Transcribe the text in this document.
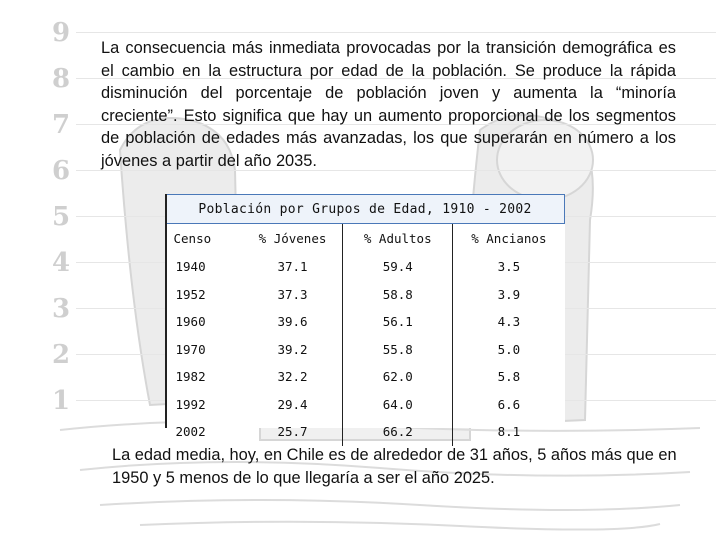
9
8
7
6
5
4
3
2
1

La consecuencia más inmediata provocadas por la transición demográfica es el cambio en la estructura por edad de la población. Se produce la rápida disminución del porcentaje de población joven y aumenta la “minoría creciente”. Esto significa que hay un aumento proporcional de los segmentos de población de edades más avanzadas, los que superarán en número a los jóvenes a partir del año 2035.

Población por Grupos de Edad, 1910 - 2002			
Censo	% Jóvenes	% Adultos	% Ancianos
1940	37.1	59.4	3.5
1952	37.3	58.8	3.9
1960	39.6	56.1	4.3
1970	39.2	55.8	5.0
1982	32.2	62.0	5.8
1992	29.4	64.0	6.6
2002	25.7	66.2	8.1

La edad media, hoy, en Chile es de alrededor de 31 años, 5 años más que en 1950 y 5 menos de lo que llegaría a ser el año 2025.
